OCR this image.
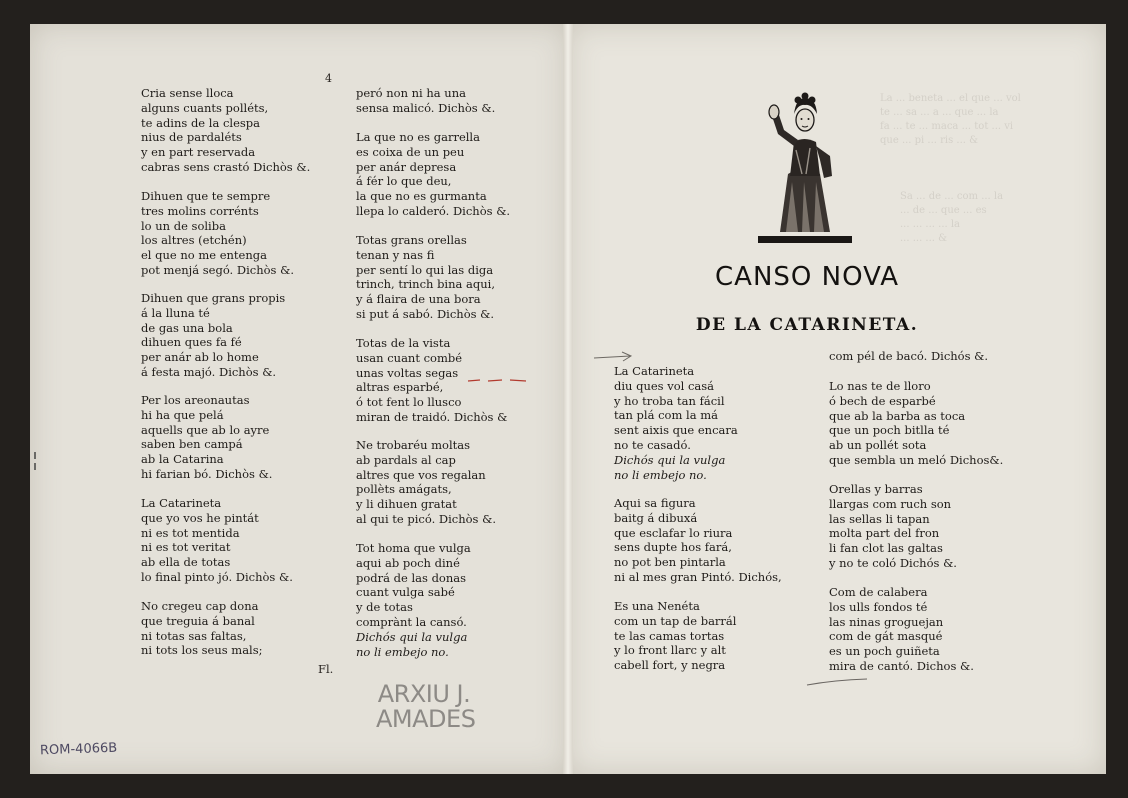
La ... beneta ... el que ... vol
te ... sa ... a ... que ... la
fa ... te ... maca ... tot ... vi
que ... pi ... ris ... &
Sa ... de ... com ... la
... de ... que ... es
... ... ... ... la
... ... ... &
4
Cria sense lloca
alguns cuants polléts,
te adins de la clespa
nius de pardaléts
y en part reservada
cabras sens crastó Dichòs &.
Dihuen que te sempre
tres molins corrénts
lo un de soliba
los altres (etchén)
el que no me entenga
pot menjá segó. Dichòs &.
Dihuen que grans propis
á la lluna té
de gas una bola
dihuen ques fa fé
per anár ab lo home
á festa majó. Dichòs &.
Per los areonautas
hi ha que pelá
aquells que ab lo ayre
saben ben campá
ab la Catarina
hi farian bó. Dichòs &.
La Catarineta
que yo vos he pintát
ni es tot mentida
ni es tot veritat
ab ella de totas
lo final pinto jó. Dichòs &.
No cregeu cap dona
que treguia á banal
ni totas sas faltas,
ni tots los seus mals;
peró non ni ha una
sensa malicó. Dichòs &.
La que no es garrella
es coixa de un peu
per anár depresa
á fér lo que deu,
la que no es gurmanta
llepa lo calderó. Dichòs &.
Totas grans orellas
tenan y nas fi
per sentí lo qui las diga
trinch, trinch bina aqui,
y á flaira de una bora
si put á sabó. Dichòs &.
Totas de la vista
usan cuant combé
unas voltas segas
altras esparbé,
ó tot fent lo llusco
miran de traidó. Dichòs &
Ne trobaréu moltas
ab pardals al cap
altres que vos regalan
pollèts amágats,
y li dihuen gratat
al qui te picó. Dichòs &.
Tot homa que vulga
aqui ab poch diné
podrá de las donas
cuant vulga sabé
y de totas
comprànt la cansó.
Dichós qui la vulga
no li embejo no.
Fl.
ARXIU J.
AMADES
ROM-4066B
CANSO NOVA
DE LA CATARINETA.
La Catarineta
diu ques vol casá
y ho troba tan fácil
tan plá com la má
sent aixis que encara
no te casadó.
Dichós qui la vulga
no li embejo no.
Aqui sa figura
baitg á dibuxá
que esclafar lo riura
sens dupte hos fará,
no pot ben pintarla
ni al mes gran Pintó. Dichós,
Es una Nenéta
com un tap de barrál
te las camas tortas
y lo front llarc y alt
cabell fort, y negra
com pél de bacó. Dichós &.
Lo nas te de lloro
ó bech de esparbé
que ab la barba as toca
que un poch bitlla té
ab un pollét sota
que sembla un meló Dichos&.
Orellas y barras
llargas com ruch son
las sellas li tapan
molta part del fron
li fan clot las galtas
y no te coló Dichós &.
Com de calabera
los ulls fondos té
las ninas groguejan
com de gát masqué
es un poch guiñeta
mira de cantó. Dichos &.
